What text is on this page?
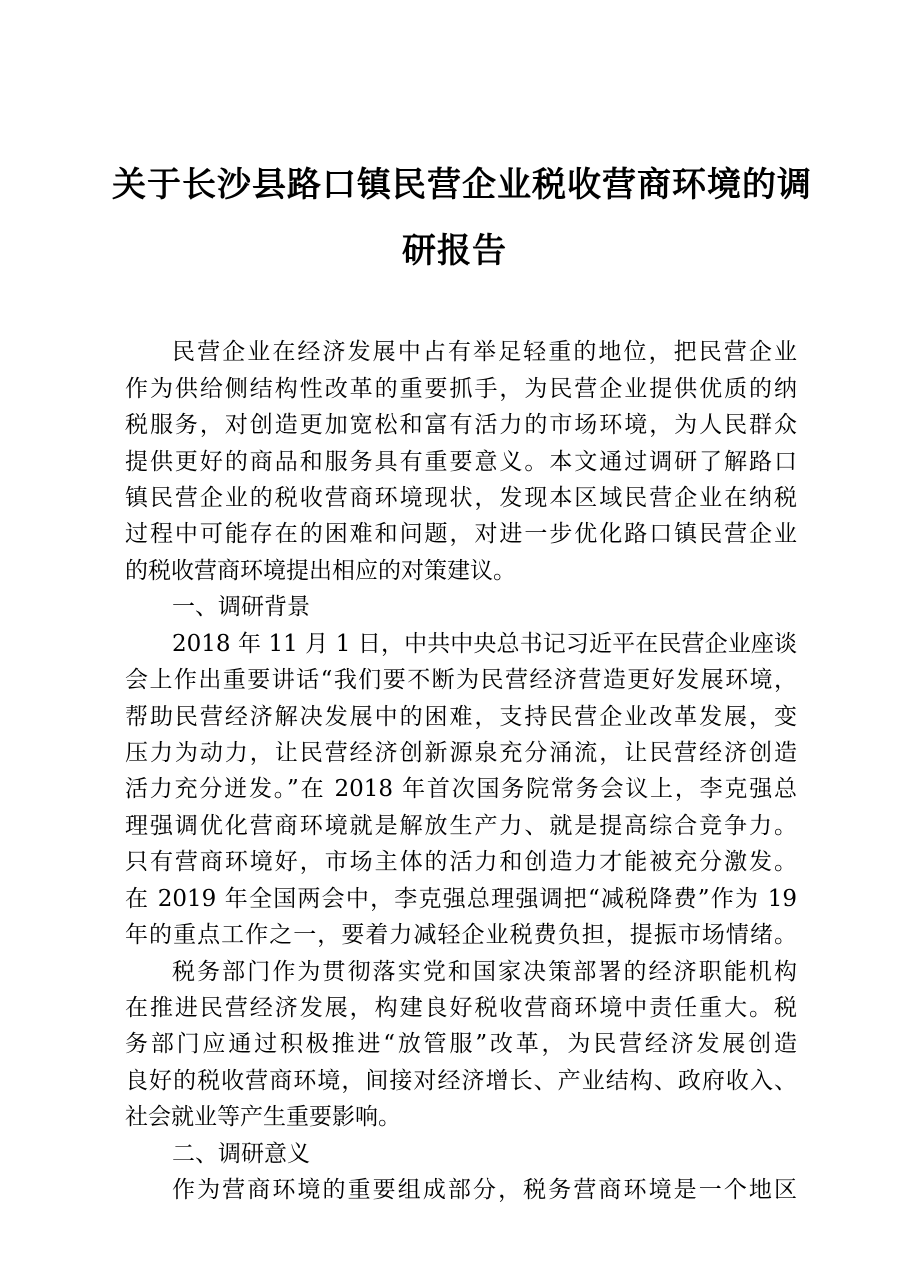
关于长沙县路口镇民营企业税收营商环境的调
研报告
民营企业在经济发展中占有举足轻重的地位，把民营企业
作为供给侧结构性改革的重要抓手，为民营企业提供优质的纳
税服务，对创造更加宽松和富有活力的市场环境，为人民群众
提供更好的商品和服务具有重要意义。本文通过调研了解路口
镇民营企业的税收营商环境现状，发现本区域民营企业在纳税
过程中可能存在的困难和问题，对进一步优化路口镇民营企业
的税收营商环境提出相应的对策建议。
一、调研背景
2018 年 11 月 1 日，中共中央总书记习近平在民营企业座谈
会上作出重要讲话“我们要不断为民营经济营造更好发展环境，
帮助民营经济解决发展中的困难，支持民营企业改革发展，变
压力为动力，让民营经济创新源泉充分涌流，让民营经济创造
活力充分迸发。”在 2018 年首次国务院常务会议上，李克强总
理强调优化营商环境就是解放生产力、就是提高综合竞争力。
只有营商环境好，市场主体的活力和创造力才能被充分激发。
在 2019 年全国两会中，李克强总理强调把“减税降费”作为 19
年的重点工作之一，要着力减轻企业税费负担，提振市场情绪。
税务部门作为贯彻落实党和国家决策部署的经济职能机构
在推进民营经济发展，构建良好税收营商环境中责任重大。税
务部门应通过积极推进“放管服”改革，为民营经济发展创造
良好的税收营商环境，间接对经济增长、产业结构、政府收入、
社会就业等产生重要影响。
二、调研意义
作为营商环境的重要组成部分，税务营商环境是一个地区
